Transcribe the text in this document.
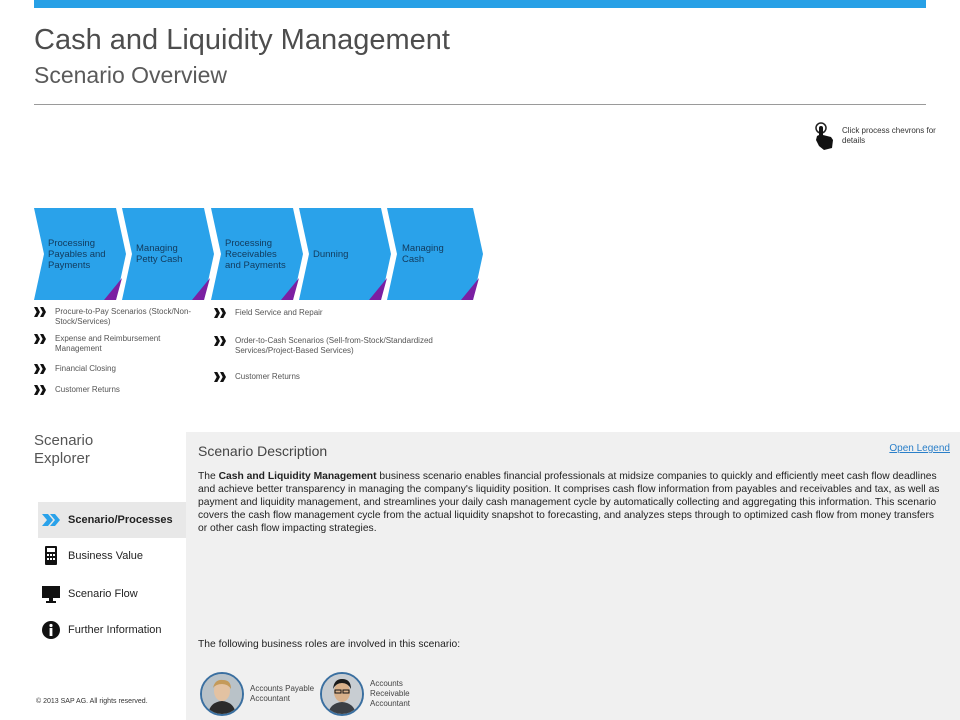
Cash and Liquidity Management
Scenario Overview
Click process chevrons for details
Processing Payables and Payments
Managing Petty Cash
Processing Receivables and Payments
Dunning	Managing Cash
Procure-to-Pay Scenarios (Stock/Non-Stock/Services)
Expense and Reimbursement Management
Financial Closing
Customer Returns
Field Service and Repair
Order-to-Cash Scenarios (Sell-from-Stock/Standardized Services/Project-Based Services)
Customer Returns
Scenario Explorer
Scenario/Processes
Business Value
Scenario Flow
Further Information
Scenario Description	Open Legend
The Cash and Liquidity Management business scenario enables financial professionals at midsize companies to quickly and efficiently meet cash flow deadlines and achieve better transparency in managing the company's liquidity position. It comprises cash flow information from payables and receivables and tax, as well as payment and liquidity management, and streamlines your daily cash management cycle by automatically collecting and aggregating this information. This scenario covers the cash flow management cycle from the actual liquidity snapshot to forecasting, and analyzes steps through to optimized cash flow from money transfers or other cash flow impacting strategies.
The following business roles are involved in this scenario:
Accounts Payable Accountant
Accounts Receivable Accountant
© 2013 SAP AG. All rights reserved.
